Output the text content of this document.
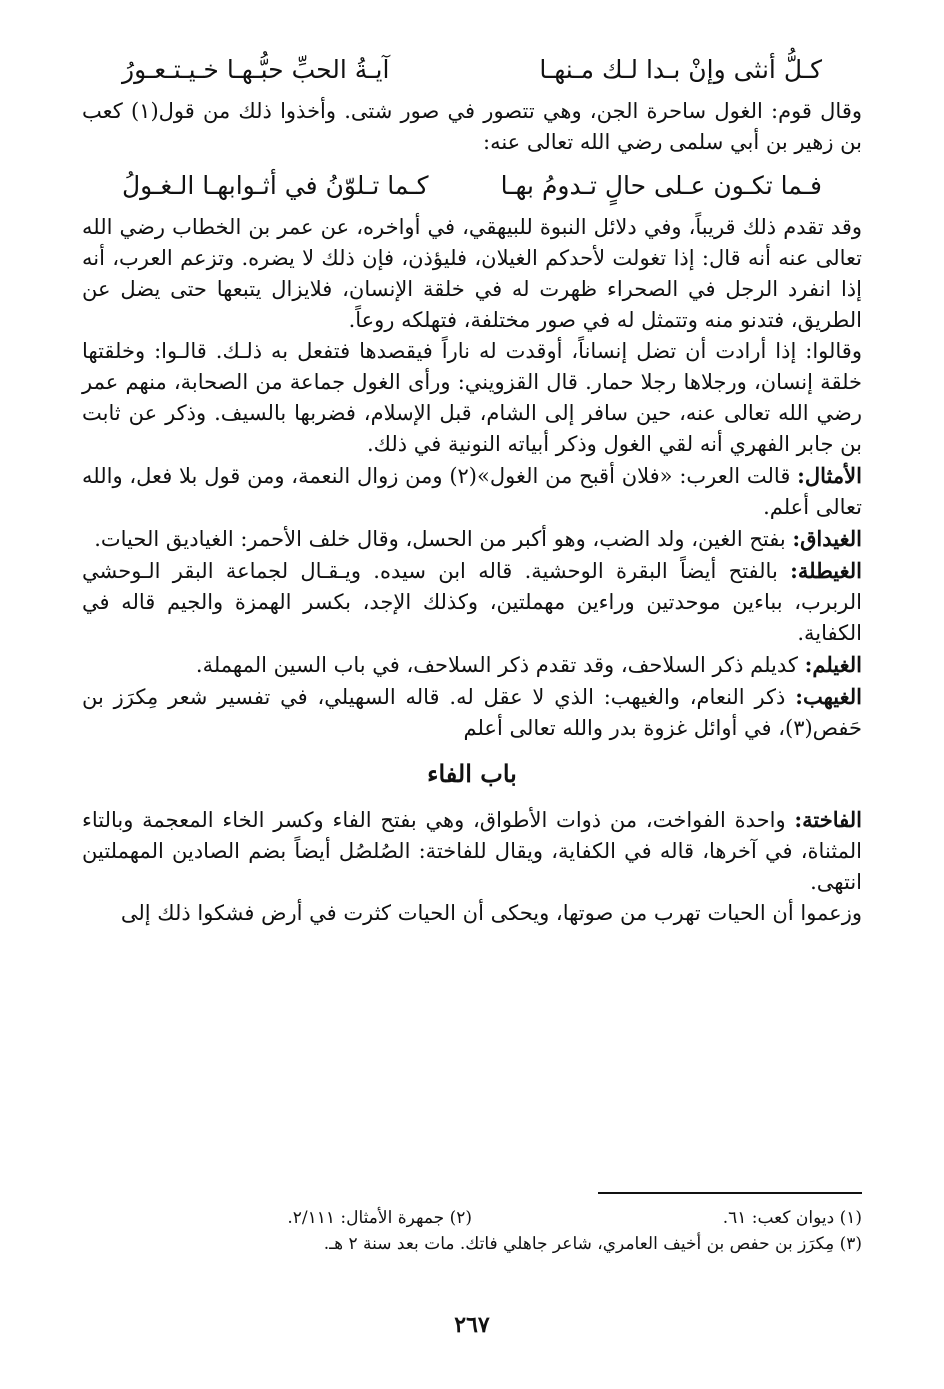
كـلُّ أنثى وإنْ بـدا لـك مـنهـا
آيـةُ الحبِّ حبُّـهـا خـيـتـعـورُ

وقال قوم: الغول ساحرة الجن، وهي تتصور في صور شتى. وأخذوا ذلك من قول(١) كعب بن زهير بن أبي سلمى رضي الله تعالى عنه:

فـما تكـون عـلى حالٍ تـدومُ بهـا
كـما تـلوّنُ في أثـوابهـا الـغـولُ

وقد تقدم ذلك قريباً، وفي دلائل النبوة للبيهقي، في أواخره، عن عمر بن الخطاب رضي الله تعالى عنه أنه قال: إذا تغولت لأحدكم الغيلان، فليؤذن، فإن ذلك لا يضره. وتزعم العرب، أنه إذا انفرد الرجل في الصحراء ظهرت له في خلقة الإنسان، فلايزال يتبعها حتى يضل عن الطريق، فتدنو منه وتتمثل له في صور مختلفة، فتهلكه روعاً.

وقالوا: إذا أرادت أن تضل إنساناً، أوقدت له ناراً فيقصدها فتفعل به ذلـك. قالـوا: وخلقتها خلقة إنسان، ورجلاها رجلا حمار. قال القزويني: ورأى الغول جماعة من الصحابة، منهم عمر رضي الله تعالى عنه، حين سافر إلى الشام، قبل الإسلام، فضربها بالسيف. وذكر عن ثابت بن جابر الفهري أنه لقي الغول وذكر أبياته النونية في ذلك.

الأمثال: قالت العرب: «فلان أقبح من الغول»(٢) ومن زوال النعمة، ومن قول بلا فعل، والله تعالى أعلم.

الغيداق: بفتح الغين، ولد الضب، وهو أكبر من الحسل، وقال خلف الأحمر: الغياديق الحيات.

الغيطلة: بالفتح أيضاً البقرة الوحشية. قاله ابن سيده. ويـقـال لجماعة البقر الـوحشي الربرب، بباءين موحدتين وراءين مهملتين، وكذلك الإجد، بكسر الهمزة والجيم قاله في الكفاية.

الغيلم: كديلم ذكر السلاحف، وقد تقدم ذكر السلاحف، في باب السين المهملة.

الغيهب: ذكر النعام، والغيهب: الذي لا عقل له. قاله السهيلي، في تفسير شعر مِكرَز بن حَفص(٣)، في أوائل غزوة بدر والله تعالى أعلم

باب الفاء

الفاختة: واحدة الفواخت، من ذوات الأطواق، وهي بفتح الفاء وكسر الخاء المعجمة وبالتاء المثناة، في آخرها، قاله في الكفاية، ويقال للفاختة: الصُلصُل أيضاً بضم الصادين المهملتين انتهى.

وزعموا أن الحيات تهرب من صوتها، ويحكى أن الحيات كثرت في أرض فشكوا ذلك إلى

(١) ديوان كعب: ٦١.
(٢) جمهرة الأمثال: ٢/١١١.
(٣) مِكرَز بن حفص بن أخيف العامري، شاعر جاهلي فاتك. مات بعد سنة ٢ هـ.
٢٦٧
